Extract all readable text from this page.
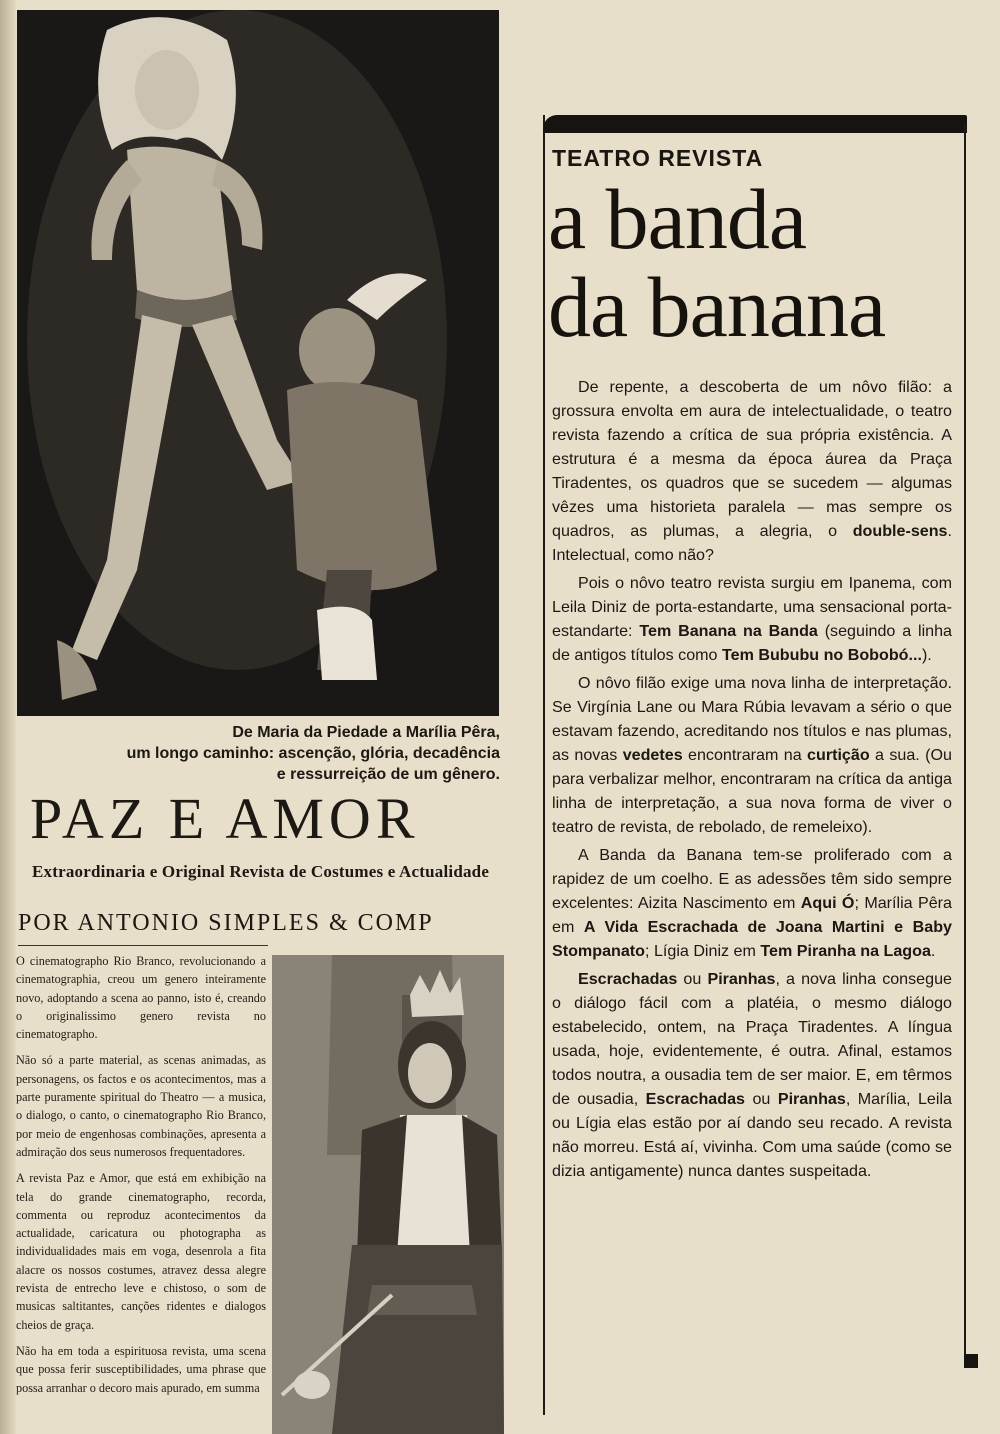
De Maria da Piedade a Marília Pêra,
um longo caminho: ascenção, glória, decadência
e ressurreição de um gênero.
PAZ E AMOR
Extraordinaria e Original Revista de Costumes e Actualidade
POR ANTONIO SIMPLES & COMP

O cinematographo Rio Branco, revolucionando a cinematographia, creou um genero inteiramente novo, adoptando a scena ao panno, isto é, creando o originalissimo genero revista no cinematographo.

Não só a parte material, as scenas animadas, as personagens, os factos e os acontecimentos, mas a parte puramente spiritual do Theatro — a musica, o dialogo, o canto, o cinematographo Rio Branco, por meio de engenhosas combinações, apresenta a admiração dos seus numerosos frequentadores.

A revista Paz e Amor, que está em exhibição na tela do grande cinematographo, recorda, commenta ou reproduz acontecimentos da actualidade, caricatura ou photographa as individualidades mais em voga, desenrola a fita alacre os nossos costumes, atravez dessa alegre revista de entrecho leve e chistoso, o som de musicas saltitantes, canções ridentes e dialogos cheios de graça.

Não ha em toda a espirituosa revista, uma scena que possa ferir susceptibilidades, uma phrase que possa arranhar o decoro mais apurado, em summa

TEATRO REVISTA
a banda
da banana

De repente, a descoberta de um nôvo filão: a grossura envolta em aura de intelectualidade, o teatro revista fazendo a crítica de sua própria existência. A estrutura é a mesma da época áurea da Praça Tiradentes, os quadros que se sucedem — algumas vêzes uma historieta paralela — mas sempre os quadros, as plumas, a alegria, o double-sens. Intelectual, como não?

Pois o nôvo teatro revista surgiu em Ipanema, com Leila Diniz de porta-estandarte, uma sensacional porta-estandarte: Tem Banana na Banda (seguindo a linha de antigos títulos como Tem Bububu no Bobobó...).

O nôvo filão exige uma nova linha de interpretação. Se Virgínia Lane ou Mara Rúbia levavam a sério o que estavam fazendo, acreditando nos títulos e nas plumas, as novas vedetes encontraram na curtição a sua. (Ou para verbalizar melhor, encontraram na crítica da antiga linha de interpretação, a sua nova forma de viver o teatro de revista, de rebolado, de remeleixo).

A Banda da Banana tem-se proliferado com a rapidez de um coelho. E as adessões têm sido sempre excelentes: Aizita Nascimento em Aqui Ó; Marília Pêra em A Vida Escrachada de Joana Martini e Baby Stompanato; Lígia Diniz em Tem Piranha na Lagoa.

Escrachadas ou Piranhas, a nova linha consegue o diálogo fácil com a platéia, o mesmo diálogo estabelecido, ontem, na Praça Tiradentes. A língua usada, hoje, evidentemente, é outra. Afinal, estamos todos noutra, a ousadia tem de ser maior. E, em têrmos de ousadia, Escrachadas ou Piranhas, Marília, Leila ou Lígia elas estão por aí dando seu recado. A revista não morreu. Está aí, vivinha. Com uma saúde (como se dizia antigamente) nunca dantes suspeitada.
